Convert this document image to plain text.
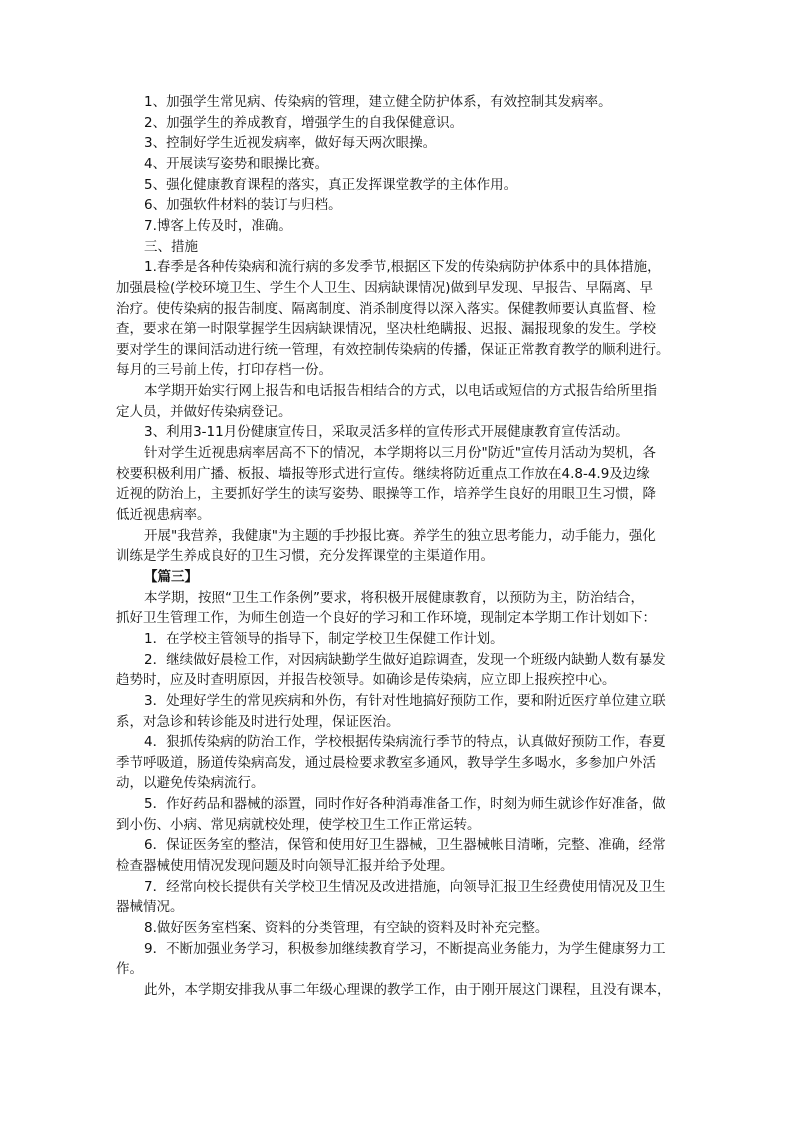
1、加强学生常见病、传染病的管理，建立健全防护体系，有效控制其发病率。
2、加强学生的养成教育，增强学生的自我保健意识。
3、控制好学生近视发病率，做好每天两次眼操。
4、开展读写姿势和眼操比赛。
5、强化健康教育课程的落实，真正发挥课堂教学的主体作用。
6、加强软件材料的装订与归档。
7.博客上传及时，准确。
三、措施
1.春季是各种传染病和流行病的多发季节,根据区下发的传染病防护体系中的具体措施，
加强晨检(学校环境卫生、学生个人卫生、因病缺课情况)做到早发现、早报告、早隔离、早
治疗。使传染病的报告制度、隔离制度、消杀制度得以深入落实。保健教师要认真监督、检
查，要求在第一时限掌握学生因病缺课情况，坚决杜绝瞒报、迟报、漏报现象的发生。学校
要对学生的课间活动进行统一管理，有效控制传染病的传播，保证正常教育教学的顺利进行。
每月的三号前上传，打印存档一份。
本学期开始实行网上报告和电话报告相结合的方式，以电话或短信的方式报告给所里指
定人员，并做好传染病登记。
3、利用3-11月份健康宣传日，采取灵活多样的宣传形式开展健康教育宣传活动。
针对学生近视患病率居高不下的情况，本学期将以三月份"防近"宣传月活动为契机，各
校要积极利用广播、板报、墙报等形式进行宣传。继续将防近重点工作放在4.8-4.9及边缘
近视的防治上，主要抓好学生的读写姿势、眼操等工作，培养学生良好的用眼卫生习惯，降
低近视患病率。
开展"我营养，我健康"为主题的手抄报比赛。养学生的独立思考能力，动手能力，强化
训练是学生养成良好的卫生习惯，充分发挥课堂的主渠道作用。
【篇三】
本学期，按照“卫生工作条例”要求，将积极开展健康教育，以预防为主，防治结合，
抓好卫生管理工作，为师生创造一个良好的学习和工作环境，现制定本学期工作计划如下：
1．在学校主管领导的指导下，制定学校卫生保健工作计划。
2．继续做好晨检工作，对因病缺勤学生做好追踪调查，发现一个班级内缺勤人数有暴发
趋势时，应及时查明原因，并报告校领导。如确诊是传染病，应立即上报疾控中心。
3．处理好学生的常见疾病和外伤，有针对性地搞好预防工作，要和附近医疗单位建立联
系，对急诊和转诊能及时进行处理，保证医治。
4．狠抓传染病的防治工作，学校根据传染病流行季节的特点，认真做好预防工作，春夏
季节呼吸道，肠道传染病高发，通过晨检要求教室多通风，教导学生多喝水，多参加户外活
动，以避免传染病流行。
5．作好药品和器械的添置，同时作好各种消毒准备工作，时刻为师生就诊作好准备，做
到小伤、小病、常见病就校处理，使学校卫生工作正常运转。
6．保证医务室的整洁，保管和使用好卫生器械，卫生器械帐目清晰，完整、准确，经常
检查器械使用情况发现问题及时向领导汇报并给予处理。
7．经常向校长提供有关学校卫生情况及改进措施，向领导汇报卫生经费使用情况及卫生
器械情况。
8.做好医务室档案、资料的分类管理，有空缺的资料及时补充完整。
9．不断加强业务学习，积极参加继续教育学习，不断提高业务能力，为学生健康努力工
作。
此外，本学期安排我从事二年级心理课的教学工作，由于刚开展这门课程，且没有课本，
